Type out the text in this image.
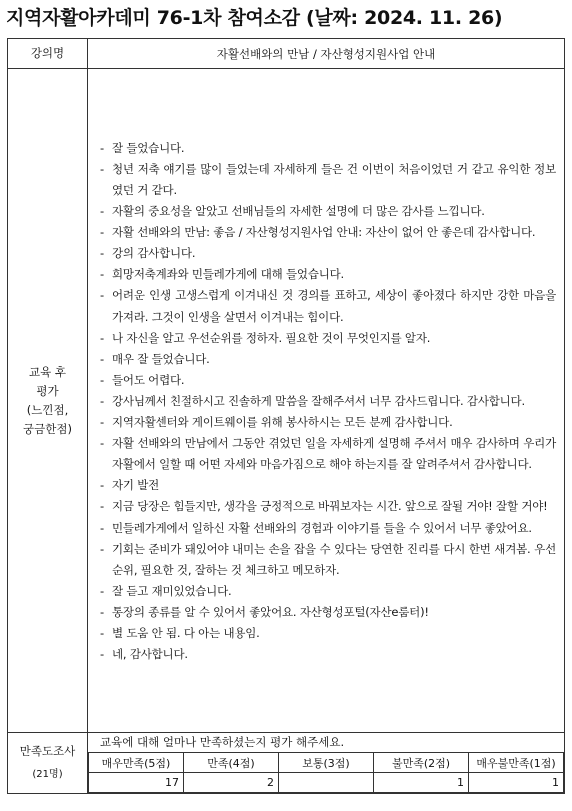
지역자활아카데미 76-1차 참여소감 (날짜: 2024. 11. 26)
강의명	자활선배와의 만남 / 자산형성지원사업 안내
교육 후
평가
(느낀점,
궁금한점)	
- 잘 들었습니다.
- 청년 저축 얘기를 많이 들었는데 자세하게 들은 건 이번이 처음이었던 거 같고 유익한 정보였던 거 같다.
- 자활의 중요성을 알았고 선배님들의 자세한 설명에 더 많은 감사를 느낍니다.
- 자활 선배와의 만남: 좋음 / 자산형성지원사업 안내: 자산이 없어 안 좋은데 감사합니다.
- 강의 감사합니다.
- 희망저축계좌와 민들레가게에 대해 들었습니다.
- 어려운 인생 고생스럽게 이겨내신 것 경의를 표하고, 세상이 좋아졌다 하지만 강한 마음을 가져라. 그것이 인생을 살면서 이겨내는 힘이다.
- 나 자신을 알고 우선순위를 정하자. 필요한 것이 무엇인지를 알자.
- 매우 잘 들었습니다.
- 들어도 어렵다.
- 강사님께서 친절하시고 진솔하게 말씀을 잘해주셔서 너무 감사드립니다. 감사합니다.
- 지역자활센터와 게이트웨이를 위해 봉사하시는 모든 분께 감사합니다.
- 자활 선배와의 만남에서 그동안 겪었던 일을 자세하게 설명해 주셔서 매우 감사하며 우리가 자활에서 일할 때 어떤 자세와 마음가짐으로 해야 하는지를 잘 알려주셔서 감사합니다.
- 자기 발전
- 지금 당장은 힘들지만, 생각을 긍정적으로 바꿔보자는 시간. 앞으로 잘될 거야! 잘할 거야!
- 민들레가게에서 일하신 자활 선배와의 경험과 이야기를 들을 수 있어서 너무 좋았어요.
- 기회는 준비가 돼있어야 내미는 손을 잡을 수 있다는 당연한 진리를 다시 한번 새겨봄. 우선순위, 필요한 것, 잘하는 것 체크하고 메모하자.
- 잘 듣고 재미있었습니다.
- 통장의 종류를 알 수 있어서 좋았어요. 자산형성포털(자산e룸터)!
- 별 도움 안 됨. 다 아는 내용임.
- 네, 감사합니다.

만족도조사
(21명)

교육에 대해 얼마나 만족하셨는지 평가 해주세요.
매우만족(5점)	만족(4점)	보통(3점)	불만족(2점)	매우불만족(1점)
17	2		1	1
